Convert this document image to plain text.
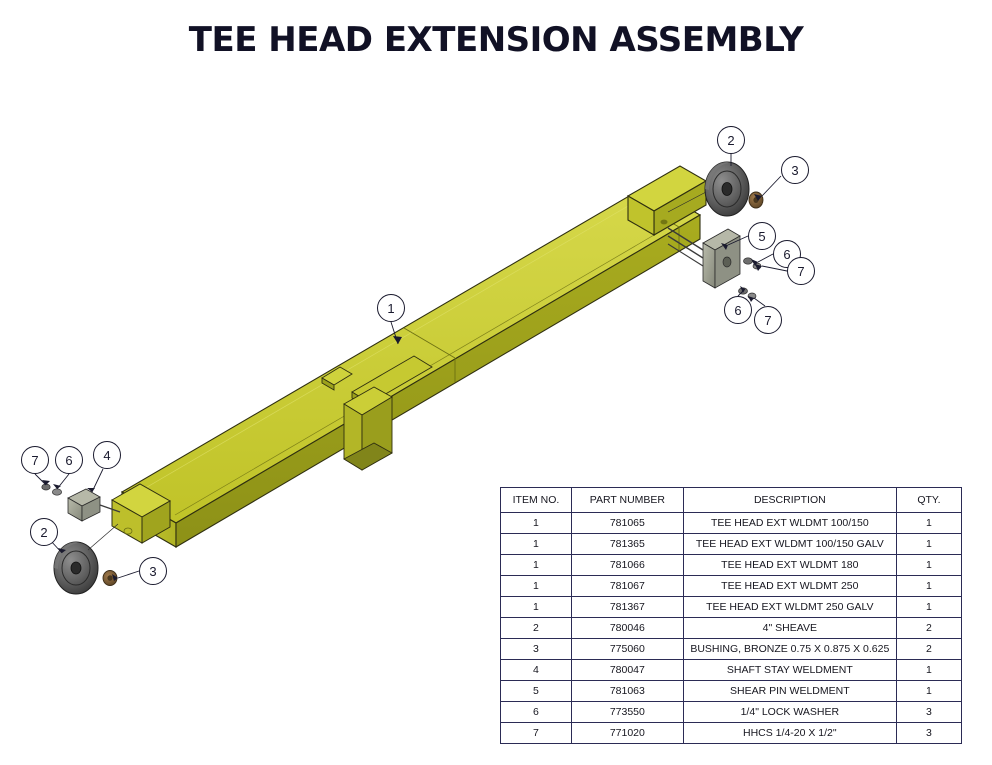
TEE HEAD EXTENSION ASSEMBLY
1
2
3
5
6
7
6
7
7	6	4
2
3
ITEM NO.	PART NUMBER	DESCRIPTION	QTY.
1	781065	TEE HEAD EXT WLDMT 100/150	1
1	781365	TEE HEAD EXT WLDMT 100/150 GALV	1
1	781066	TEE HEAD EXT WLDMT 180	1
1	781067	TEE HEAD EXT WLDMT 250	1
1	781367	TEE HEAD EXT WLDMT 250 GALV	1
2	780046	4" SHEAVE	2
3	775060	BUSHING, BRONZE 0.75 X 0.875 X 0.625	2
4	780047	SHAFT STAY WELDMENT	1
5	781063	SHEAR PIN WELDMENT	1
6	773550	1/4" LOCK WASHER	3
7	771020	HHCS 1/4-20 X 1/2"	3
